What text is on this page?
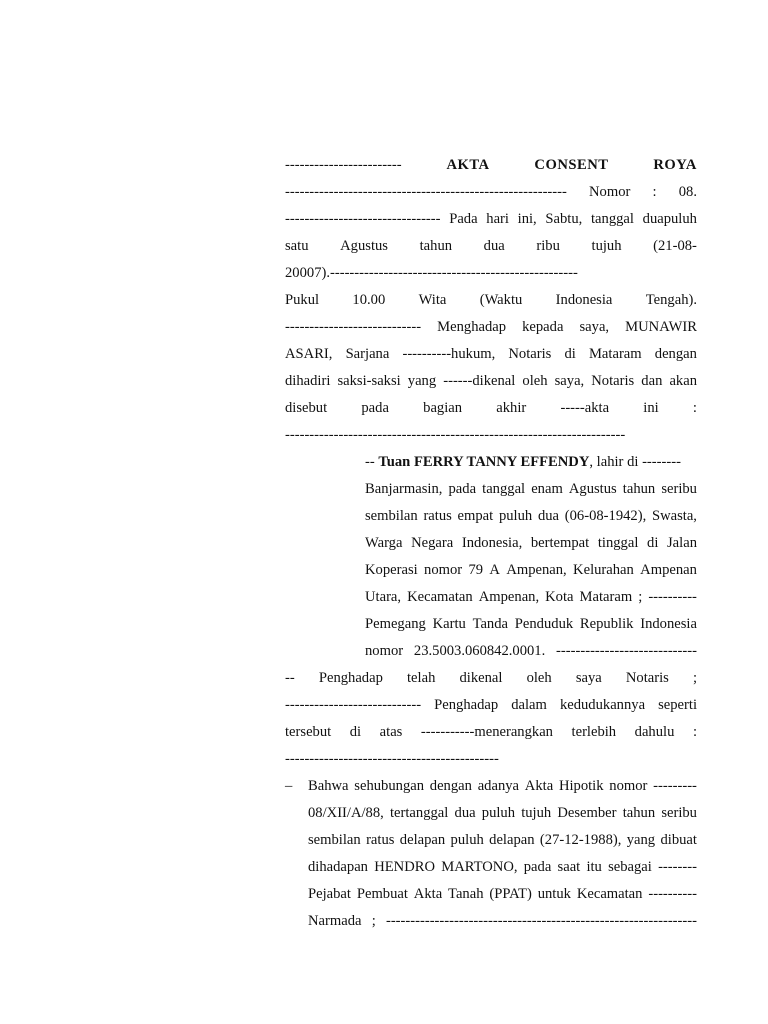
------------------------	AKTA	CONSENT	ROYA
---------------------------------------------------------- Nomor : 08.
-------------------------------- Pada hari ini, Sabtu, tanggal duapuluh
satu Agustus tahun dua ribu tujuh (21-08-
20007).---------------------------------------------------
Pukul 10.00 Wita (Waktu Indonesia Tengah).
---------------------------- Menghadap kepada saya, MUNAWIR
ASARI, Sarjana ----------hukum, Notaris di Mataram dengan
dihadiri saksi-saksi yang ------dikenal oleh saya, Notaris dan akan
disebut pada bagian akhir -----akta ini :
----------------------------------------------------------------------
-- Tuan FERRY TANNY EFFENDY, lahir di --------
Banjarmasin, pada tanggal enam Agustus tahun seribu
sembilan ratus empat puluh dua (06-08-1942), Swasta,
Warga Negara Indonesia, bertempat tinggal di Jalan
Koperasi nomor 79 A Ampenan, Kelurahan Ampenan
Utara, Kecamatan Ampenan, Kota Mataram ; ----------
Pemegang Kartu Tanda Penduduk Republik Indonesia
nomor 23.5003.060842.0001. -----------------------------
-- Penghadap telah dikenal oleh saya Notaris ;
---------------------------- Penghadap dalam kedudukannya seperti
tersebut di atas -----------menerangkan terlebih dahulu :
--------------------------------------------
– Bahwa sehubungan dengan adanya Akta Hipotik nomor ---------
08/XII/A/88, tertanggal dua puluh tujuh Desember tahun seribu
sembilan ratus delapan puluh delapan (27-12-1988), yang dibuat
dihadapan HENDRO MARTONO, pada saat itu sebagai --------
Pejabat Pembuat Akta Tanah (PPAT) untuk Kecamatan ----------
Narmada ; ----------------------------------------------------------------
